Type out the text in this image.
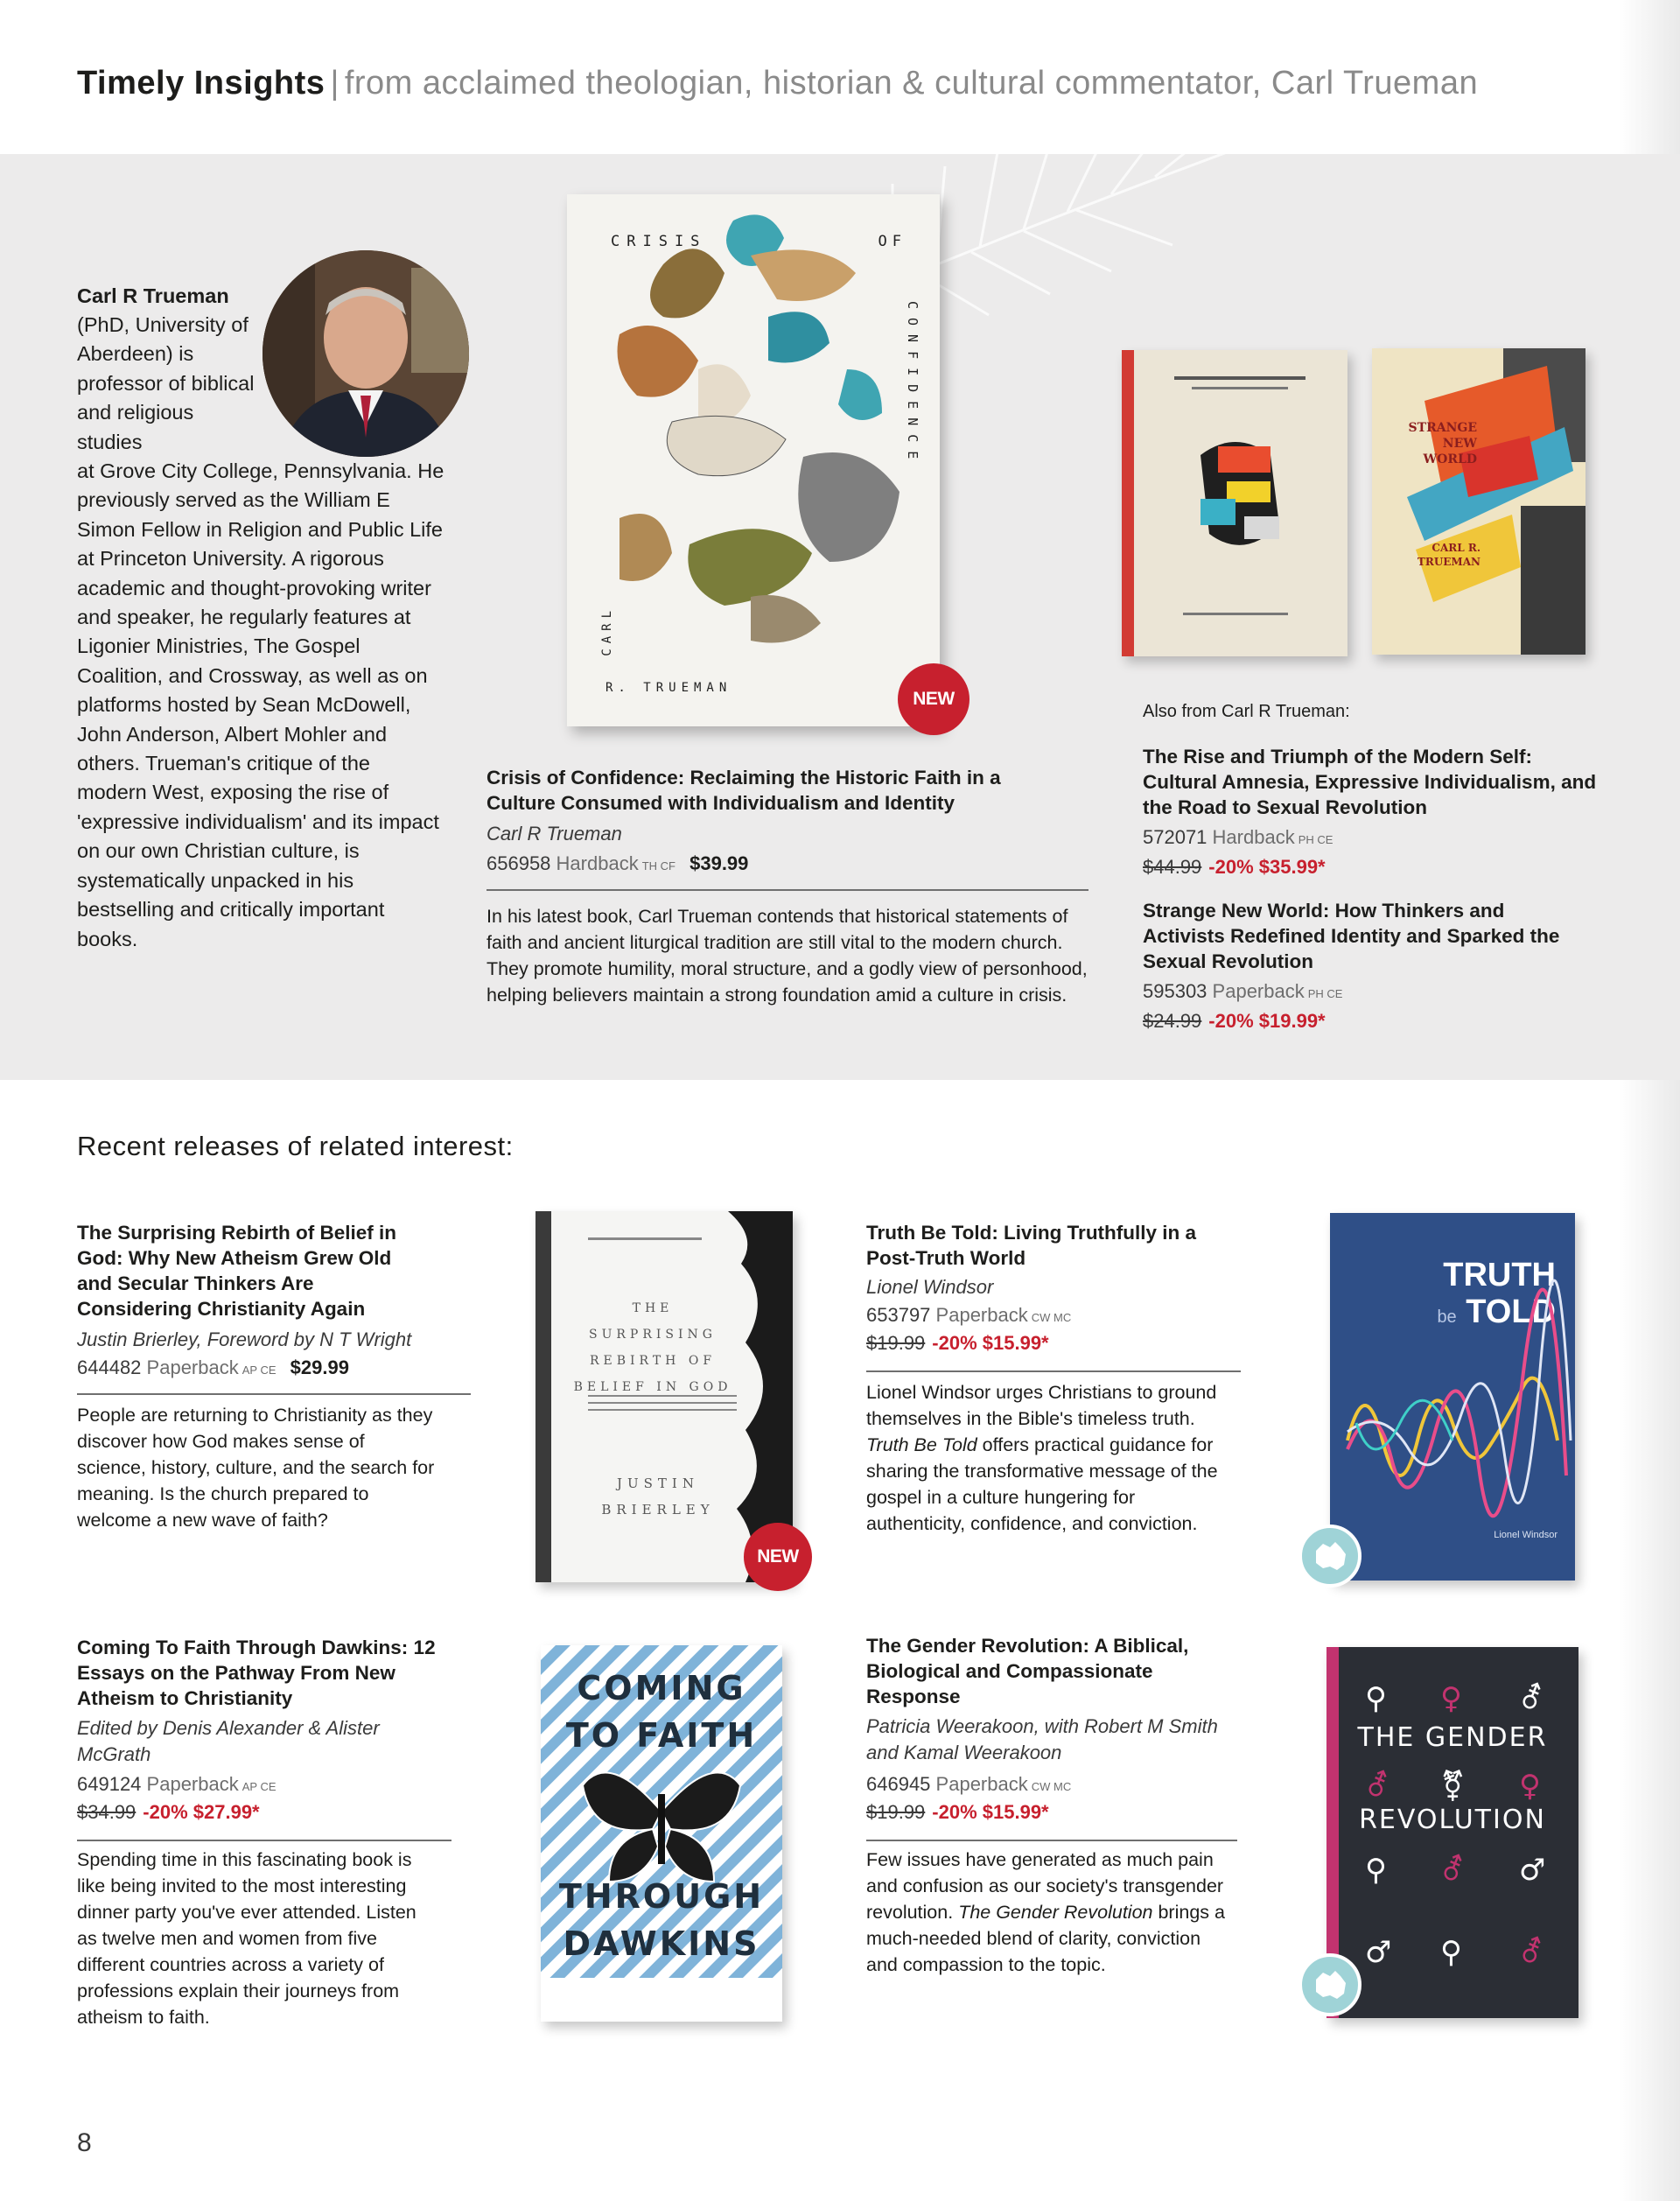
Timely Insights | from acclaimed theologian, historian & cultural commentator, Carl Trueman
Carl R Trueman

(PhD, University of Aberdeen) is professor of biblical and religious studies
at Grove City College, Pennsylvania. He previously served as the William E Simon Fellow in Religion and Public Life at Princeton University. A rigorous academic and thought-provoking writer and speaker, he regularly features at Ligonier Ministries, The Gospel Coalition, and Crossway, as well as on platforms hosted by Sean McDowell, John Anderson, Albert Mohler and others. Trueman's critique of the modern West, exposing the rise of 'expressive individualism' and its impact on our own Christian culture, is systematically unpacked in his bestselling and critically important books.
CRISIS	OF
CONFIDENCE
CARL
R. TRUEMAN
NEW
Crisis of Confidence: Reclaiming the Historic Faith in a Culture Consumed with Individualism and Identity
Carl R Trueman
656958 Hardback TH CF $39.99
In his latest book, Carl Trueman contends that historical statements of faith and ancient liturgical tradition are still vital to the modern church. They promote humility, moral structure, and a godly view of personhood, helping believers maintain a strong foundation amid a culture in crisis.
STRANGE NEW WORLD
CARL R. TRUEMAN
Also from Carl R Trueman:
The Rise and Triumph of the Modern Self: Cultural Amnesia, Expressive Individualism, and the Road to Sexual Revolution
572071 Hardback PH CE
$44.99 -20% $35.99*
Strange New World: How Thinkers and Activists Redefined Identity and Sparked the Sexual Revolution
595303 Paperback PH CE
$24.99 -20% $19.99*
Recent releases of related interest:
The Surprising Rebirth of Belief in God: Why New Atheism Grew Old and Secular Thinkers Are Considering Christianity Again
Justin Brierley, Foreword by N T Wright
644482 Paperback AP CE $29.99
People are returning to Christianity as they discover how God makes sense of science, history, culture, and the search for meaning. Is the church prepared to welcome a new wave of faith?
THE SURPRISING REBIRTH OF BELIEF IN GOD
JUSTIN BRIERLEY
NEW
Truth Be Told: Living Truthfully in a Post-Truth World
Lionel Windsor
653797 Paperback CW MC
$19.99 -20% $15.99*
Lionel Windsor urges Christians to ground themselves in the Bible's timeless truth. Truth Be Told offers practical guidance for sharing the transformative message of the gospel in a culture hungering for authenticity, confidence, and conviction.
TRUTH
be TOLD
Lionel Windsor
Coming To Faith Through Dawkins: 12 Essays on the Pathway From New Atheism to Christianity
Edited by Denis Alexander & Alister McGrath
649124 Paperback AP CE
$34.99 -20% $27.99*
Spending time in this fascinating book is like being invited to the most interesting dinner party you've ever attended. Listen as twelve men and women from five different countries across a variety of professions explain their journeys from atheism to faith.
COMING
TO FAITH
THROUGH
DAWKINS
The Gender Revolution: A Biblical, Biological and Compassionate Response
Patricia Weerakoon, with Robert M Smith and Kamal Weerakoon
646945 Paperback CW MC
$19.99 -20% $15.99*
Few issues have generated as much pain and confusion as our society's transgender revolution. The Gender Revolution brings a much-needed blend of clarity, conviction and compassion to the topic.
⚲ ♀ ⚦
⚦ ⚧ ♀
⚲ ⚦ ♂
♂ ⚲ ⚦
THE GENDER
REVOLUTION
8
